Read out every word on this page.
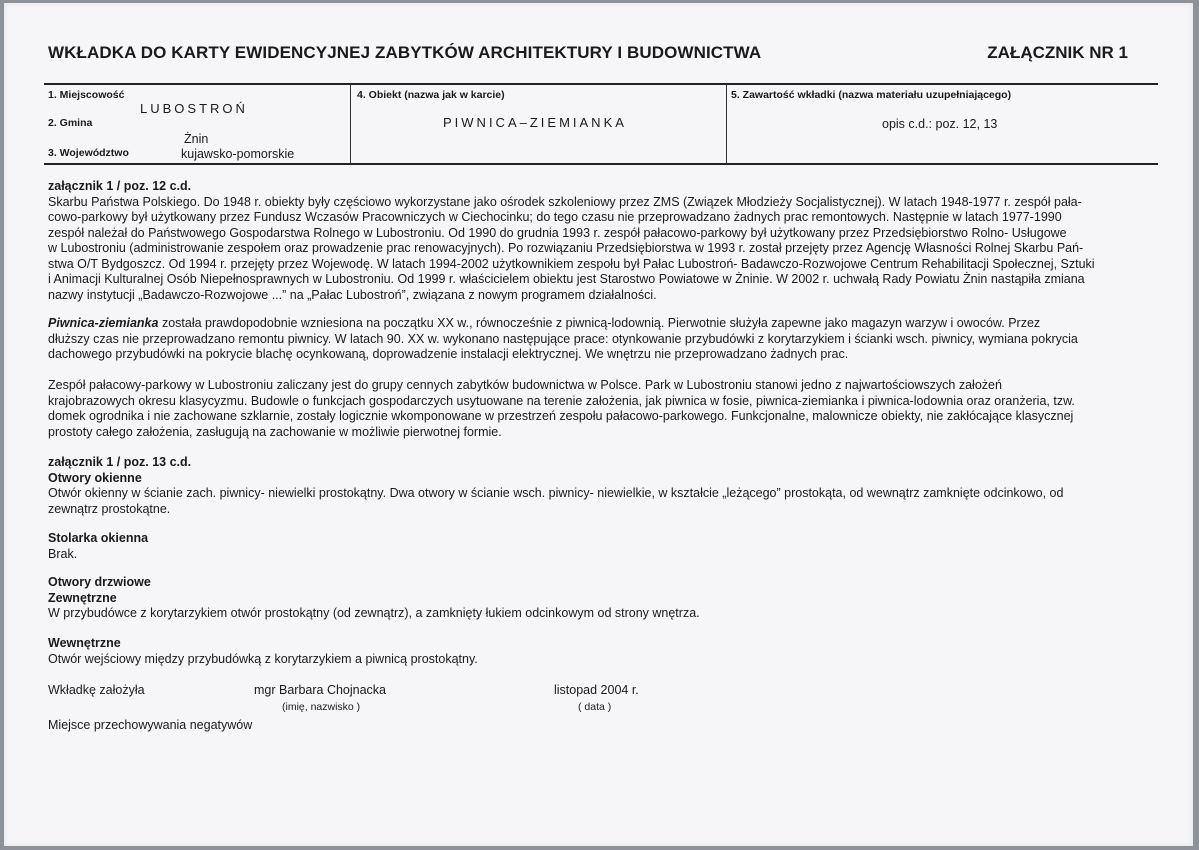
WKŁADKA DO KARTY EWIDENCYJNEJ ZABYTKÓW ARCHITEKTURY I BUDOWNICTWA	ZAŁĄCZNIK NR 1
1. Miejscowość
LUBOSTROŃ
2. Gmina
Żnin
3. Województwo	kujawsko-pomorskie
4. Obiekt (nazwa jak w karcie)
PIWNICA–ZIEMIANKA
5. Zawartość wkładki (nazwa materiału uzupełniającego)
opis c.d.: poz. 12, 13

załącznik 1 / poz. 12 c.d.

Skarbu Państwa Polskiego. Do 1948 r. obiekty były częściowo wykorzystane jako ośrodek szkoleniowy przez ZMS (Związek Młodzieży Socjalistycznej). W latach 1948-1977 r. zespół pała-

cowo-parkowy był użytkowany przez Fundusz Wczasów Pracowniczych w Ciechocinku; do tego czasu nie przeprowadzano żadnych prac remontowych. Następnie w latach 1977-1990

zespół należał do Państwowego Gospodarstwa Rolnego w Lubostroniu. Od 1990 do grudnia 1993 r. zespół pałacowo-parkowy był użytkowany przez Przedsiębiorstwo Rolno- Usługowe

w Lubostroniu (administrowanie zespołem oraz prowadzenie prac renowacyjnych). Po rozwiązaniu Przedsiębiorstwa w 1993 r. został przejęty przez Agencję Własności Rolnej Skarbu Pań-

stwa O/T Bydgoszcz. Od 1994 r. przejęty przez Wojewodę. W latach 1994-2002 użytkownikiem zespołu był Pałac Lubostroń- Badawczo-Rozwojowe Centrum Rehabilitacji Społecznej, Sztuki

i Animacji Kulturalnej Osób Niepełnosprawnych w Lubostroniu. Od 1999 r. właścicielem obiektu jest Starostwo Powiatowe w Żninie. W 2002 r. uchwałą Rady Powiatu Żnin nastąpiła zmiana

nazwy instytucji „Badawczo-Rozwojowe ...” na „Pałac Lubostroń”, związana z nowym programem działalności.

Piwnica-ziemianka została prawdopodobnie wzniesiona na początku XX w., równocześnie z piwnicą-lodownią. Pierwotnie służyła zapewne jako magazyn warzyw i owoców. Przez

dłuższy czas nie przeprowadzano remontu piwnicy. W latach 90. XX w. wykonano następujące prace: otynkowanie przybudówki z korytarzykiem i ścianki wsch. piwnicy, wymiana pokrycia

dachowego przybudówki na pokrycie blachę ocynkowaną, doprowadzenie instalacji elektrycznej. We wnętrzu nie przeprowadzano żadnych prac.

Zespół pałacowy-parkowy w Lubostroniu zaliczany jest do grupy cennych zabytków budownictwa w Polsce. Park w Lubostroniu stanowi jedno z najwartościowszych założeń

krajobrazowych okresu klasycyzmu. Budowle o funkcjach gospodarczych usytuowane na terenie założenia, jak piwnica w fosie, piwnica-ziemianka i piwnica-lodownia oraz oranżeria, tzw.

domek ogrodnika i nie zachowane szklarnie, zostały logicznie wkomponowane w przestrzeń zespołu pałacowo-parkowego. Funkcjonalne, malownicze obiekty, nie zakłócające klasycznej

prostoty całego założenia, zasługują na zachowanie w możliwie pierwotnej formie.

załącznik 1 / poz. 13 c.d.

Otwory okienne

Otwór okienny w ścianie zach. piwnicy- niewielki prostokątny. Dwa otwory w ścianie wsch. piwnicy- niewielkie, w kształcie „leżącego” prostokąta, od wewnątrz zamknięte odcinkowo, od

zewnątrz prostokątne.

Stolarka okienna

Brak.

Otwory drzwiowe

Zewnętrzne

W przybudówce z korytarzykiem otwór prostokątny (od zewnątrz), a zamknięty łukiem odcinkowym od strony wnętrza.

Wewnętrzne

Otwór wejściowy między przybudówką z korytarzykiem a piwnicą prostokątny.

Wkładkę założyła	mgr Barbara Chojnacka
(imię, nazwisko )
listopad 2004 r.
( data )
Miejsce przechowywania negatywów
